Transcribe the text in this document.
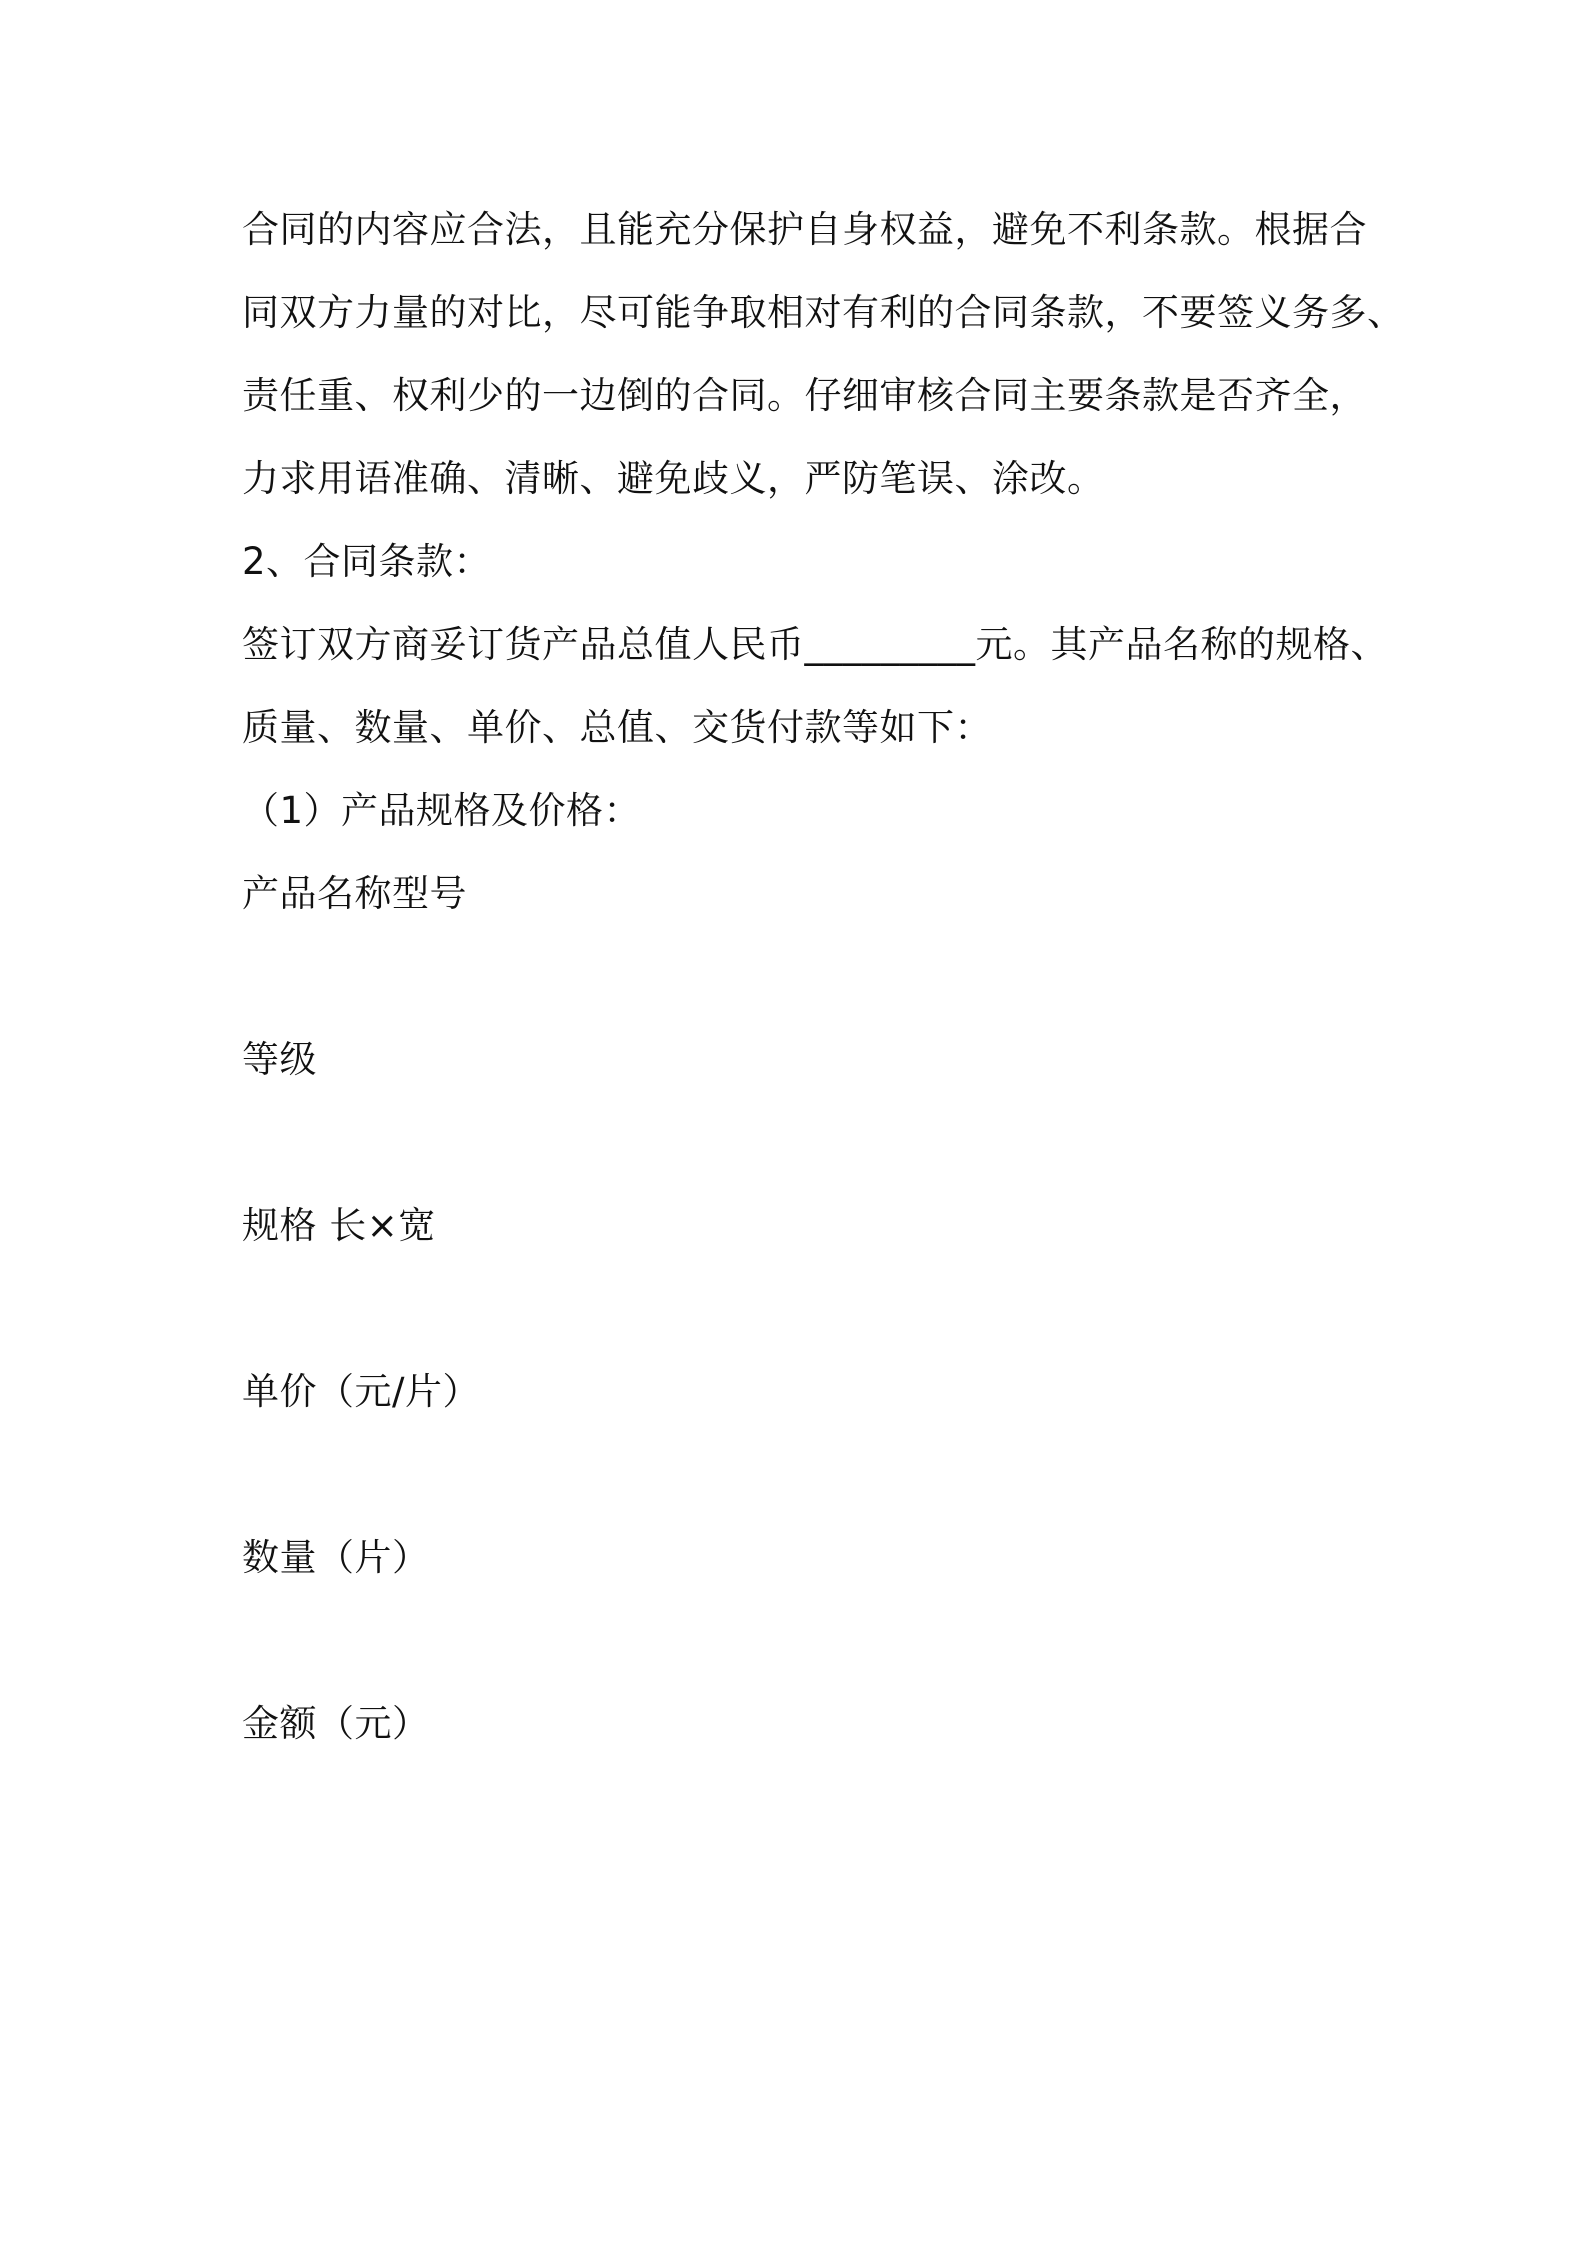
合同的内容应合法，且能充分保护自身权益，避免不利条款。根据合
同双方力量的对比，尽可能争取相对有利的合同条款，不要签义务多、
责任重、权利少的一边倒的合同。仔细审核合同主要条款是否齐全，
力求用语准确、清晰、避免歧义，严防笔误、涂改。
2、合同条款：
签订双方商妥订货产品总值人民币_________元。其产品名称的规格、
质量、数量、单价、总值、交货付款等如下：
（1）产品规格及价格：
产品名称型号
等级
规格 长×宽
单价（元/片）
数量（片）
金额（元）
